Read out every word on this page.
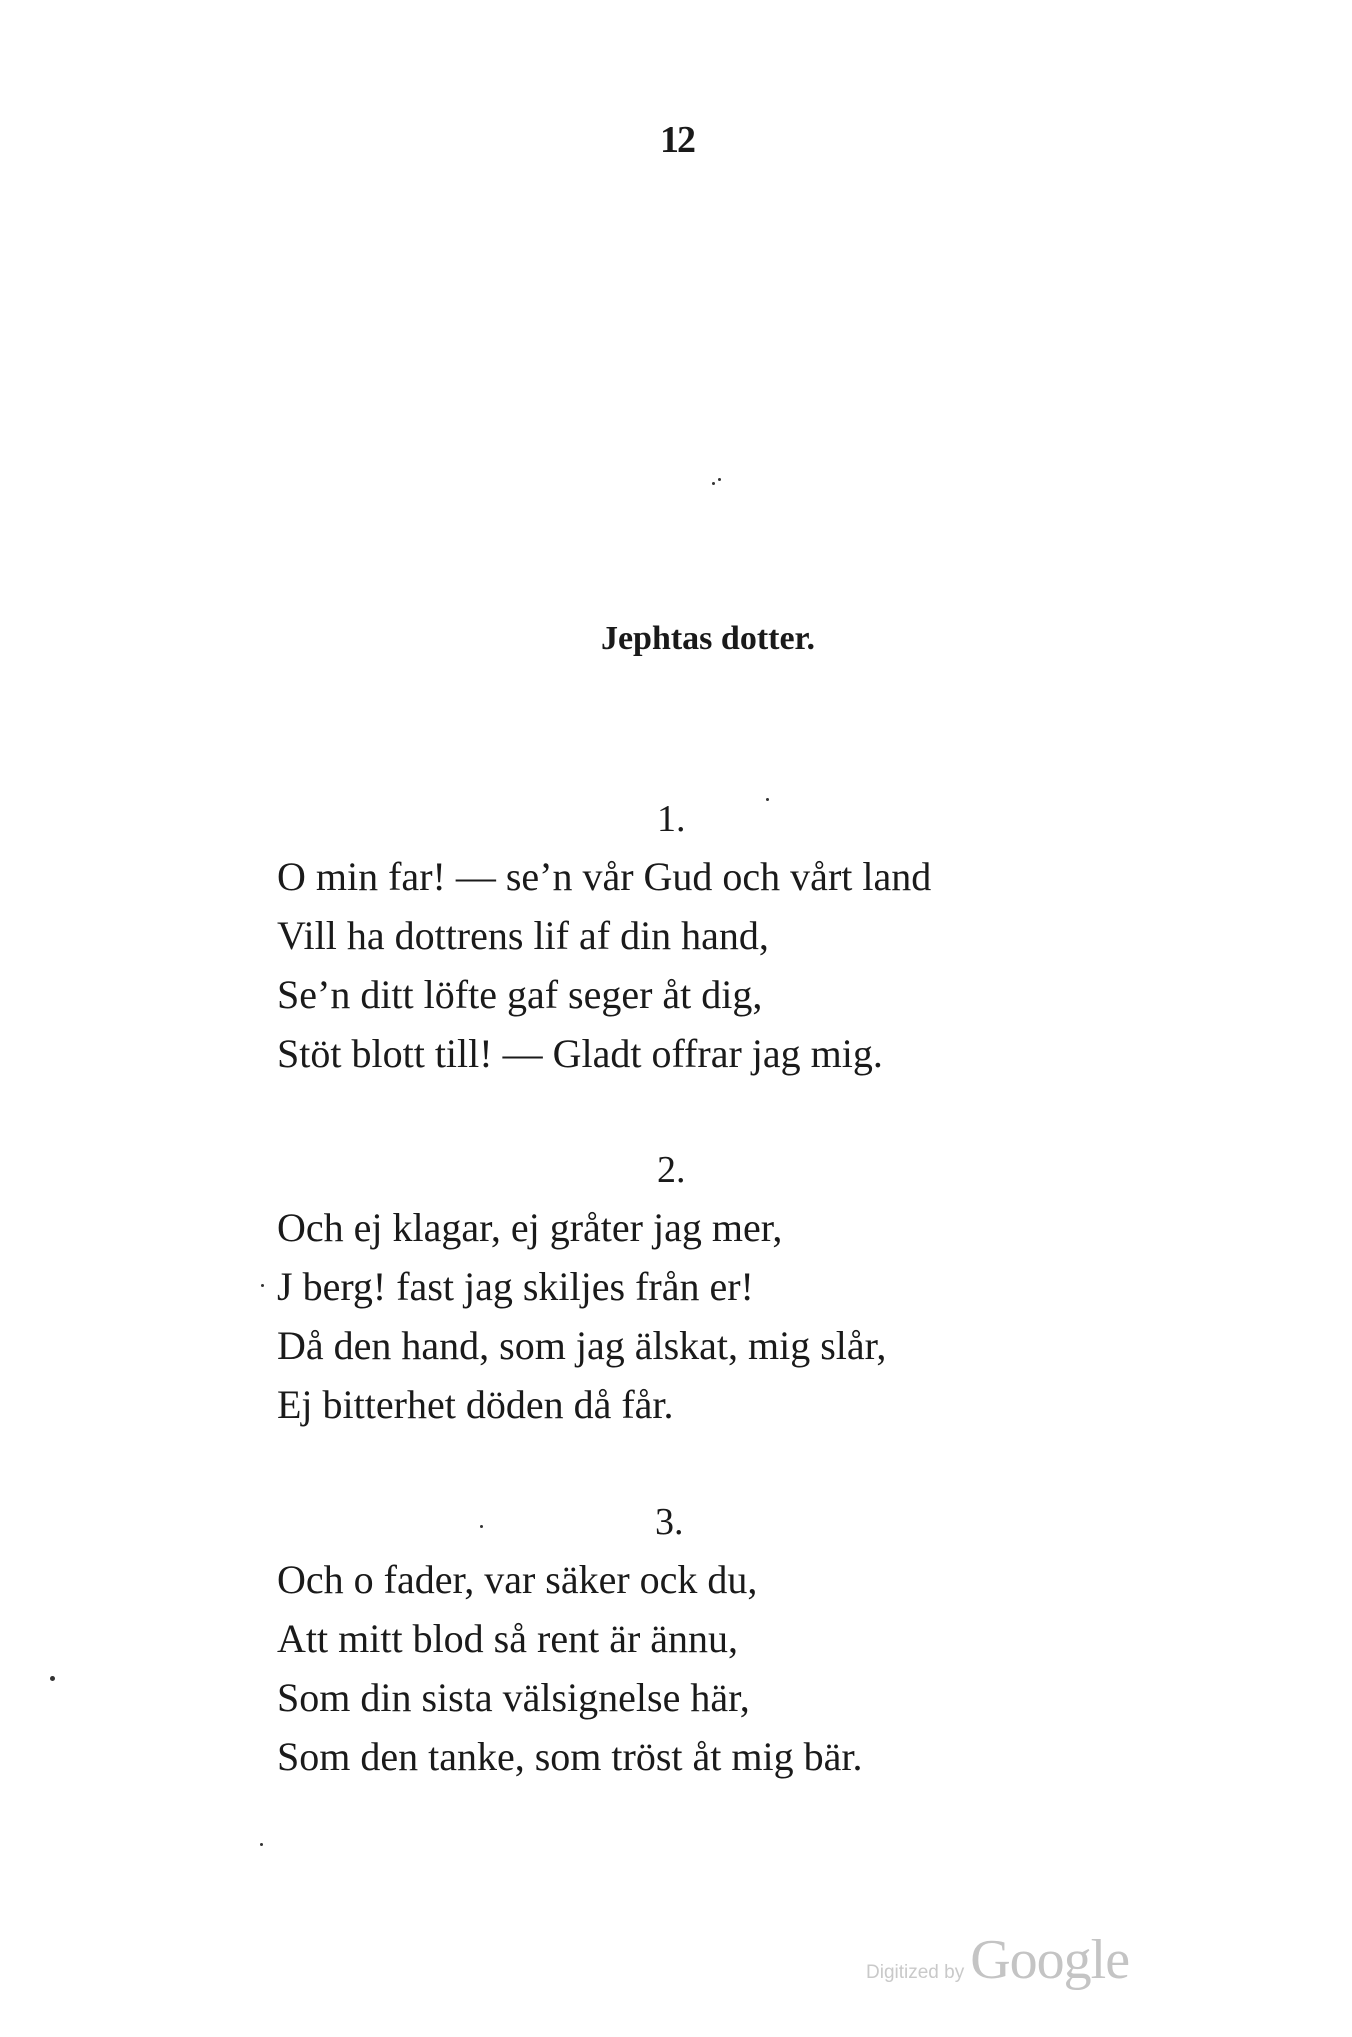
12
Jephtas dotter.
1.
O min far! — se’n vår Gud och vårt land
Vill ha dottrens lif af din hand,
Se’n ditt löfte gaf seger åt dig,
Stöt blott till! — Gladt offrar jag mig.
2.
Och ej klagar, ej gråter jag mer,
J berg! fast jag skiljes från er!
Då den hand, som jag älskat, mig slår,
Ej bitterhet döden då får.
3.
Och o fader, var säker ock du,
Att mitt blod så rent är ännu,
Som din sista välsignelse här,
Som den tanke, som tröst åt mig bär.
Digitized by Google
